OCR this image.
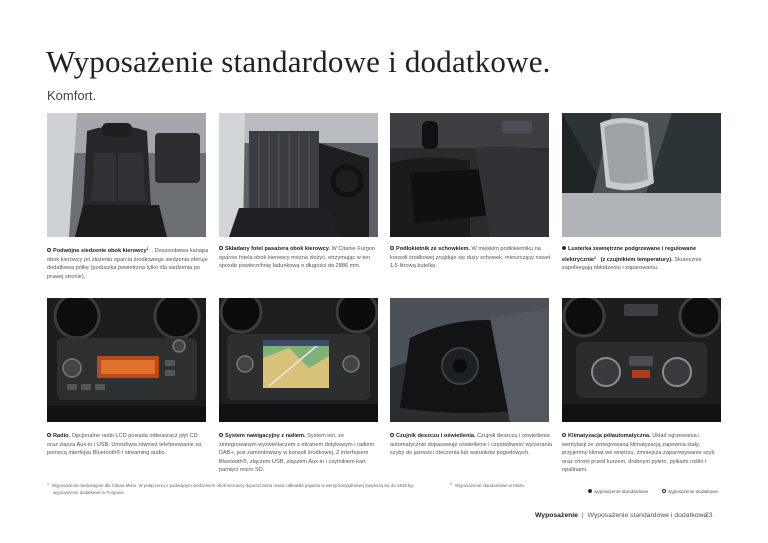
Wyposażenie standardowe i dodatkowe.
Komfort.
Podwójne siedzenie obok kierowcy$^1$ . Dwuosobowa kanapa obok kierowcy po złożeniu oparcia środkowego siedzenia oferuje dodatkową półkę (poduszka powietrzna tylko dla siedzenia po prawej stronie).
Składany fotel pasażera obok kierowcy. W Citanie Furgon oparcie fotela obok kierowcy można złożyć, otrzymując w ten sposób powierzchnię ładunkową o długości do 2886 mm.
Podłokietnik ze schowkiem. W miękkim podłokietniku na konsoli środkowej znajduje się duży schowek, mieszczący nawet 1,5-litrową butelkę.
Lusterka zewnętrzne podgrzewane i regulowane elektrycznie$^2$ (z czujnikiem temperatury). Skutecznie zapobiegają obłodzeniu i zaparowaniu.
Radio. Opcjonalne radio LCD posiada odtwarzacz płyt CD oraz złącza Aux-in i USB. Umożliwia również telefonowanie za pomocą interfejsu Bluetooth® i streaming audio.
System nawigacyjny z radiem. System ten, ze zintegrowanym wyświetlaczem z ekranem dotykowym i radiem DAB+, jest zamontowany w konsoli środkowej. Z interfejsem Bluetooth®, złączem USB, złączem Aux-in i czytnikiem kart pamięci micro SD.
Czujnik deszczu i oświetlenia. Czujnik deszczu i oświetlenia automatycznie dopasowuje oświetlenie i częstotliwość wycierania szyby do jasności otoczenia lub warunków pogodowych.
Klimatyzacja półautomatyczna. Układ ogrzewania i wentylacji ze zintegrowaną klimatyzacją zapewnia stały, przyjemny klimat we wnętrzu, zmniejsza zaparowywanie szyb oraz chroni przed kurzem, drobnym pyłem, pyłkami roślin i opalinami.
$^1$ Wyposażenie niedostępne dla Citana Mixto. W połączeniu z podwójnym siedzeniem obok kierowcy dopuszczalna masa całkowita pojazdu w wersji kompaktowej zwiększa się do 1810 kg.
wyposażenie dodatkowe w Furgonie.
$^2$ Wyposażenie standardowe w Mixto.
wyposażenie standardowe	wyposażenie dodatkowe
Wyposażenie | Wyposażenie standardowe i dodatkowe
23
